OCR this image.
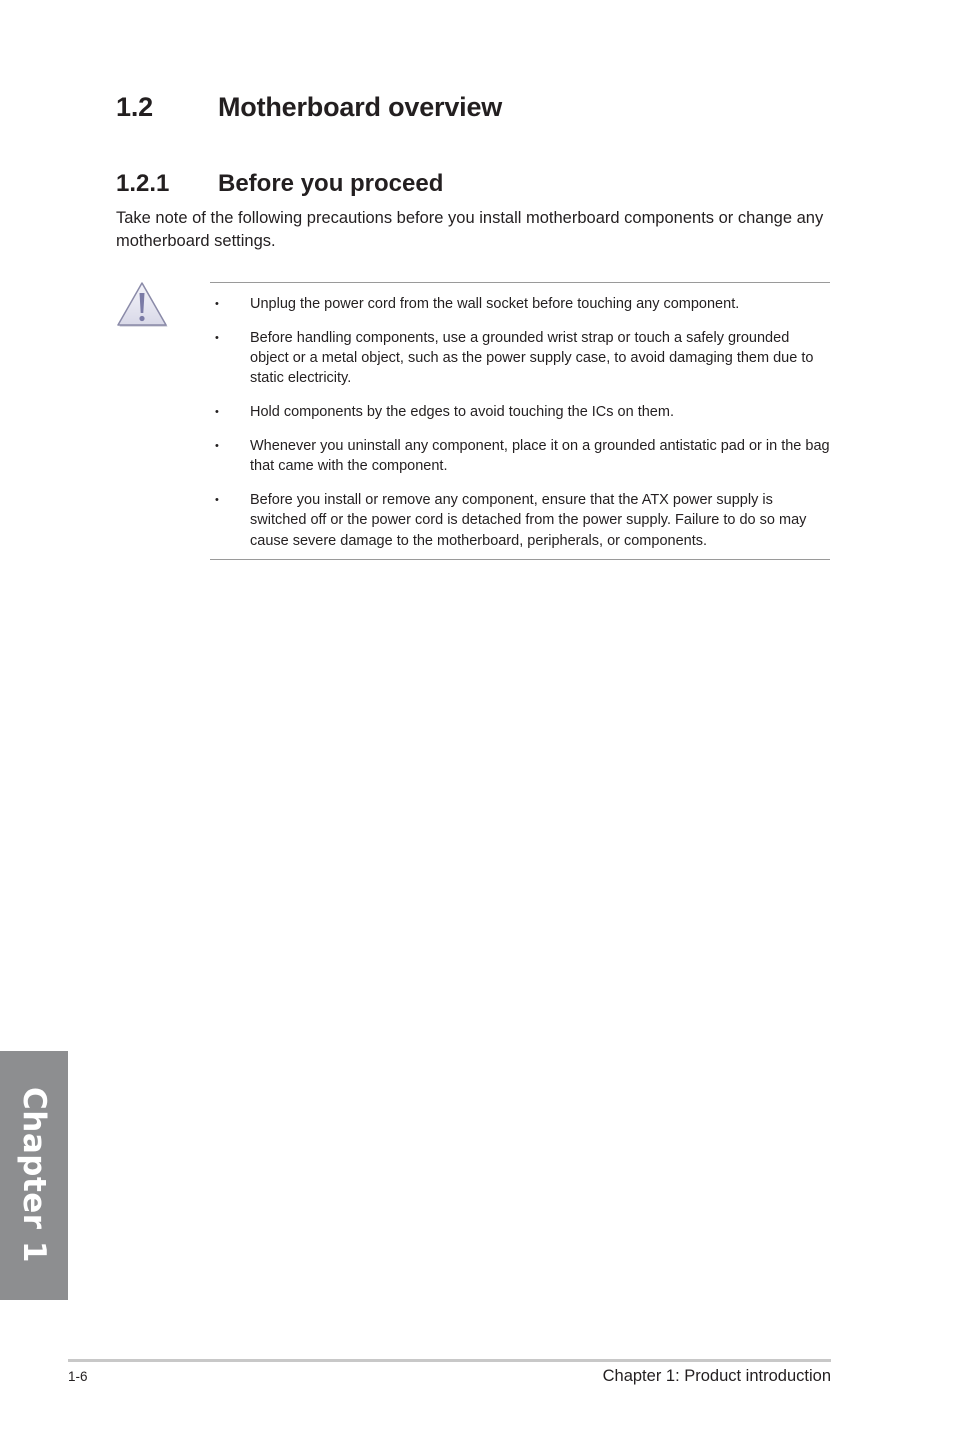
1.2 Motherboard overview
1.2.1 Before you proceed

Take note of the following precautions before you install motherboard components or change any motherboard settings.

• Unplug the power cord from the wall socket before touching any component.
• Before handling components, use a grounded wrist strap or touch a safely grounded object or a metal object, such as the power supply case, to avoid damaging them due to static electricity.
• Hold components by the edges to avoid touching the ICs on them.
• Whenever you uninstall any component, place it on a grounded antistatic pad or in the bag that came with the component.
• Before you install or remove any component, ensure that the ATX power supply is switched off or the power cord is detached from the power supply. Failure to do so may cause severe damage to the motherboard, peripherals, or components.
Chapter 1
1-6	Chapter 1: Product introduction
